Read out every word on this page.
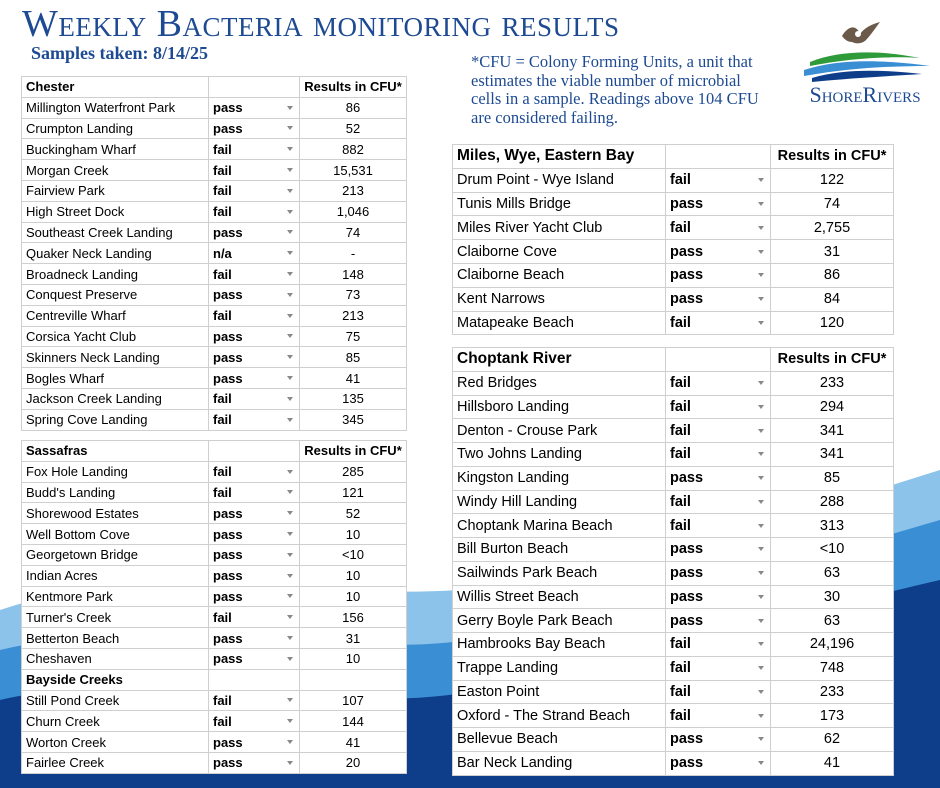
Weekly Bacteria monitoring results
Samples taken: 8/14/25	*CFU = Colony Forming Units, a unit that estimates the viable number of microbial cells in a sample. Readings above 104 CFU are considered failing.
ShoreRivers
Chester		Results in CFU*
Millington Waterfront Park	pass	86
Crumpton Landing	pass	52
Buckingham Wharf	fail	882
Morgan Creek	fail	15,531
Fairview Park	fail	213
High Street Dock	fail	1,046
Southeast Creek Landing	pass	74
Quaker Neck Landing	n/a	-
Broadneck Landing	fail	148
Conquest Preserve	pass	73
Centreville Wharf	fail	213
Corsica Yacht Club	pass	75
Skinners Neck Landing	pass	85
Bogles Wharf	pass	41
Jackson Creek Landing	fail	135
Spring Cove Landing	fail	345
Sassafras		Results in CFU*
Fox Hole Landing	fail	285
Budd's Landing	fail	121
Shorewood Estates	pass	52
Well Bottom Cove	pass	10
Georgetown Bridge	pass	<10
Indian Acres	pass	10
Kentmore Park	pass	10
Turner's Creek	fail	156
Betterton Beach	pass	31
Cheshaven	pass	10
Bayside Creeks		
Still Pond Creek	fail	107
Churn Creek	fail	144
Worton Creek	pass	41
Fairlee Creek	pass	20
Miles, Wye, Eastern Bay		Results in CFU*
Drum Point - Wye Island	fail	122
Tunis Mills Bridge	pass	74
Miles River Yacht Club	fail	2,755
Claiborne Cove	pass	31
Claiborne Beach	pass	86
Kent Narrows	pass	84
Matapeake Beach	fail	120
Choptank River		Results in CFU*
Red Bridges	fail	233
Hillsboro Landing	fail	294
Denton - Crouse Park	fail	341
Two Johns Landing	fail	341
Kingston Landing	pass	85
Windy Hill Landing	fail	288
Choptank Marina Beach	fail	313
Bill Burton Beach	pass	<10
Sailwinds Park Beach	pass	63
Willis Street Beach	pass	30
Gerry Boyle Park Beach	pass	63
Hambrooks Bay Beach	fail	24,196
Trappe Landing	fail	748
Easton Point	fail	233
Oxford - The Strand Beach	fail	173
Bellevue Beach	pass	62
Bar Neck Landing	pass	41
